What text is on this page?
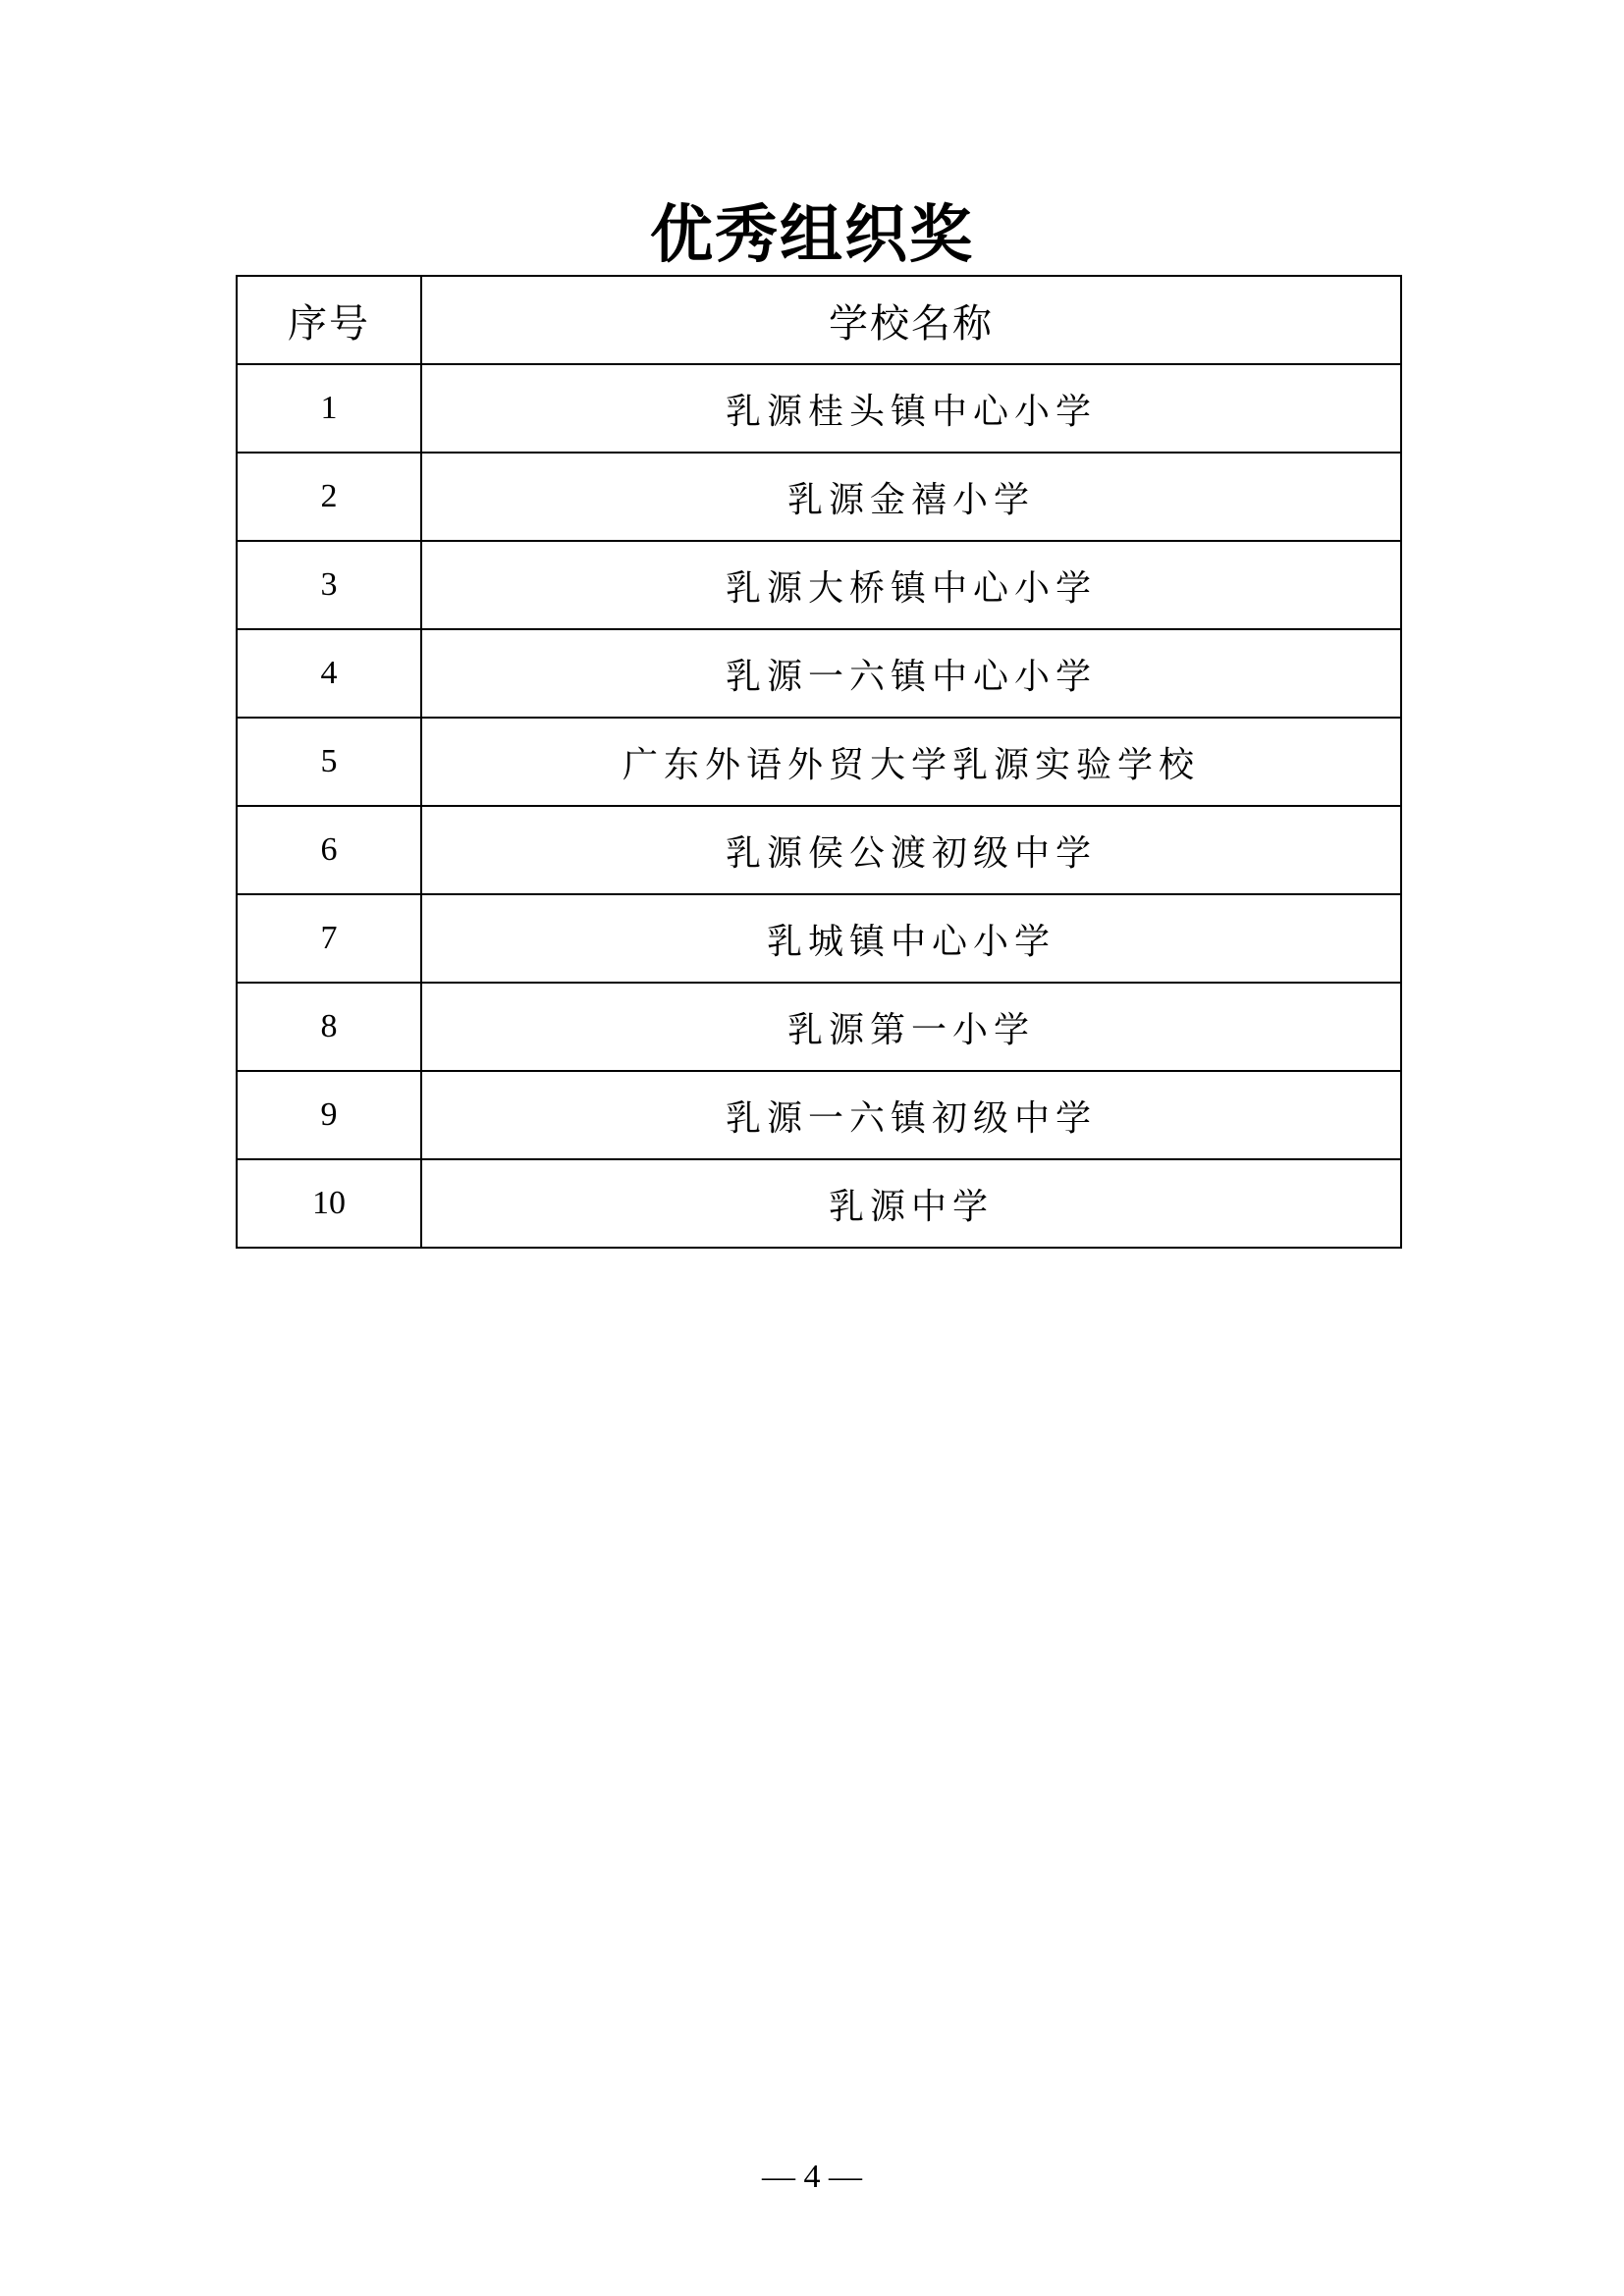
优秀组织奖
序号	学校名称
1	乳源桂头镇中心小学
2	乳源金禧小学
3	乳源大桥镇中心小学
4	乳源一六镇中心小学
5	广东外语外贸大学乳源实验学校
6	乳源侯公渡初级中学
7	乳城镇中心小学
8	乳源第一小学
9	乳源一六镇初级中学
10	乳源中学
— 4 —
